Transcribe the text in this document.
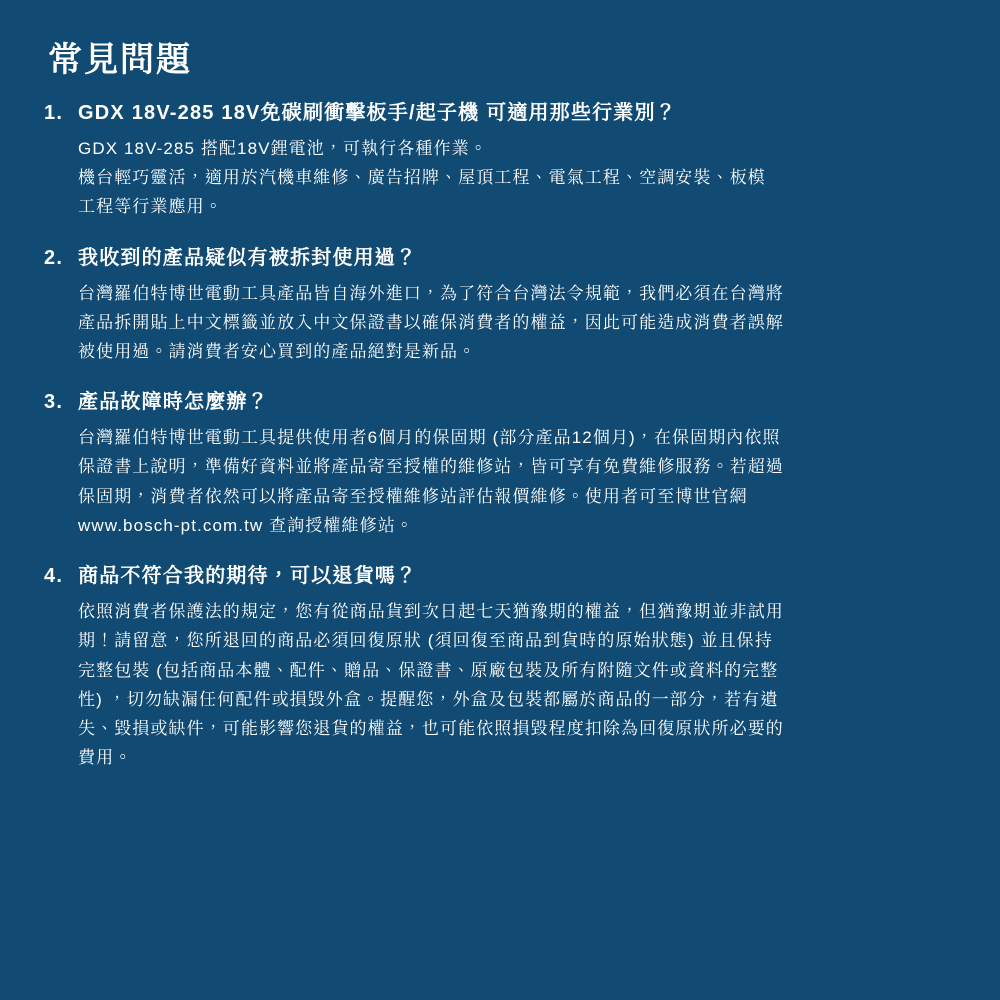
常見問題
1. GDX 18V-285 18V免碳刷衝擊板手/起子機 可適用那些行業別？

GDX 18V-285 搭配18V鋰電池，可執行各種作業。

機台輕巧靈活，適用於汽機車維修、廣告招牌、屋頂工程、電氣工程、空調安裝、板模

工程等行業應用。

2. 我收到的產品疑似有被拆封使用過？

台灣羅伯特博世電動工具產品皆自海外進口，為了符合台灣法令規範，我們必須在台灣將

產品拆開貼上中文標籤並放入中文保證書以確保消費者的權益，因此可能造成消費者誤解

被使用過。請消費者安心買到的產品絕對是新品。

3. 產品故障時怎麼辦？

台灣羅伯特博世電動工具提供使用者6個月的保固期 (部分產品12個月)，在保固期內依照

保證書上說明，準備好資料並將產品寄至授權的維修站，皆可享有免費維修服務。若超過

保固期，消費者依然可以將產品寄至授權維修站評估報價維修。使用者可至博世官網

www.bosch-pt.com.tw 查詢授權維修站。

4. 商品不符合我的期待，可以退貨嗎？

依照消費者保護法的規定，您有從商品貨到次日起七天猶豫期的權益，但猶豫期並非試用

期！請留意，您所退回的商品必須回復原狀 (須回復至商品到貨時的原始狀態) 並且保持

完整包裝 (包括商品本體、配件、贈品、保證書、原廠包裝及所有附隨文件或資料的完整

性) ，切勿缺漏任何配件或損毀外盒。提醒您，外盒及包裝都屬於商品的一部分，若有遺

失、毀損或缺件，可能影響您退貨的權益，也可能依照損毀程度扣除為回復原狀所必要的

費用。
